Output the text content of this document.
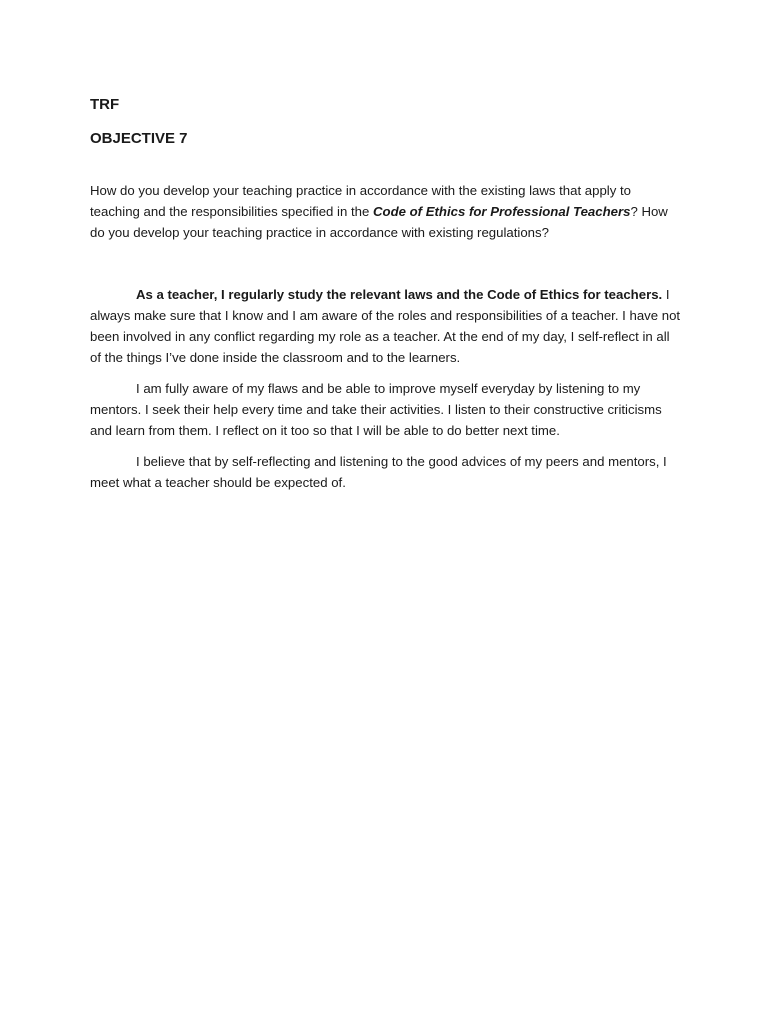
TRF

OBJECTIVE 7

How do you develop your teaching practice in accordance with the existing laws that apply to teaching and the responsibilities specified in the Code of Ethics for Professional Teachers? How do you develop your teaching practice in accordance with existing regulations?

As a teacher, I regularly study the relevant laws and the Code of Ethics for teachers. I always make sure that I know and I am aware of the roles and responsibilities of a teacher. I have not been involved in any conflict regarding my role as a teacher. At the end of my day, I self-reflect in all of the things I’ve done inside the classroom and to the learners.

I am fully aware of my flaws and be able to improve myself everyday by listening to my mentors. I seek their help every time and take their activities. I listen to their constructive criticisms and learn from them. I reflect on it too so that I will be able to do better next time.

I believe that by self-reflecting and listening to the good advices of my peers and mentors, I meet what a teacher should be expected of.
